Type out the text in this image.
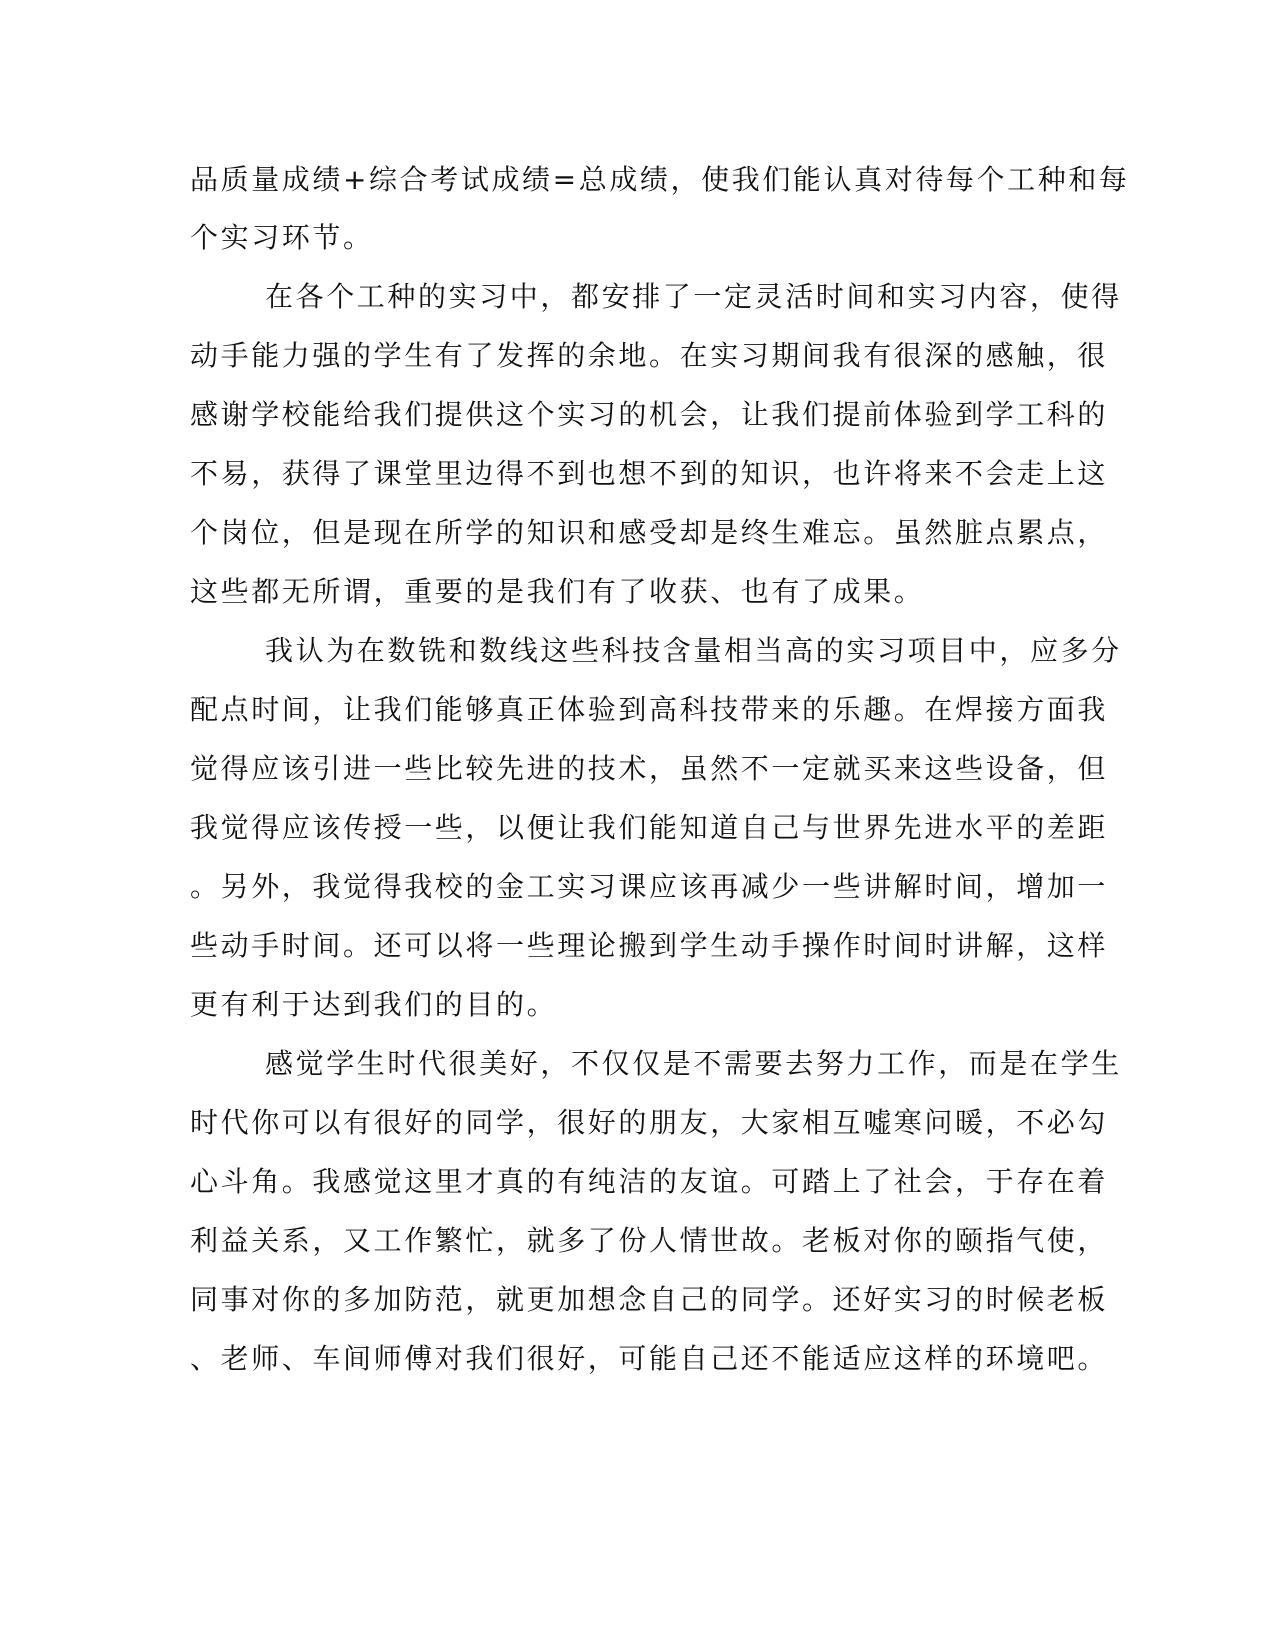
品质量成绩+综合考试成绩=总成绩，使我们能认真对待每个工种和每
个实习环节。
在各个工种的实习中，都安排了一定灵活时间和实习内容，使得
动手能力强的学生有了发挥的余地。在实习期间我有很深的感触，很
感谢学校能给我们提供这个实习的机会，让我们提前体验到学工科的
不易，获得了课堂里边得不到也想不到的知识，也许将来不会走上这
个岗位，但是现在所学的知识和感受却是终生难忘。虽然脏点累点，
这些都无所谓，重要的是我们有了收获、也有了成果。
我认为在数铣和数线这些科技含量相当高的实习项目中，应多分
配点时间，让我们能够真正体验到高科技带来的乐趣。在焊接方面我
觉得应该引进一些比较先进的技术，虽然不一定就买来这些设备，但
我觉得应该传授一些，以便让我们能知道自己与世界先进水平的差距
。另外，我觉得我校的金工实习课应该再减少一些讲解时间，增加一
些动手时间。还可以将一些理论搬到学生动手操作时间时讲解，这样
更有利于达到我们的目的。
感觉学生时代很美好，不仅仅是不需要去努力工作，而是在学生
时代你可以有很好的同学，很好的朋友，大家相互嘘寒问暖，不必勾
心斗角。我感觉这里才真的有纯洁的友谊。可踏上了社会，于存在着
利益关系，又工作繁忙，就多了份人情世故。老板对你的颐指气使，
同事对你的多加防范，就更加想念自己的同学。还好实习的时候老板
、老师、车间师傅对我们很好，可能自己还不能适应这样的环境吧。
